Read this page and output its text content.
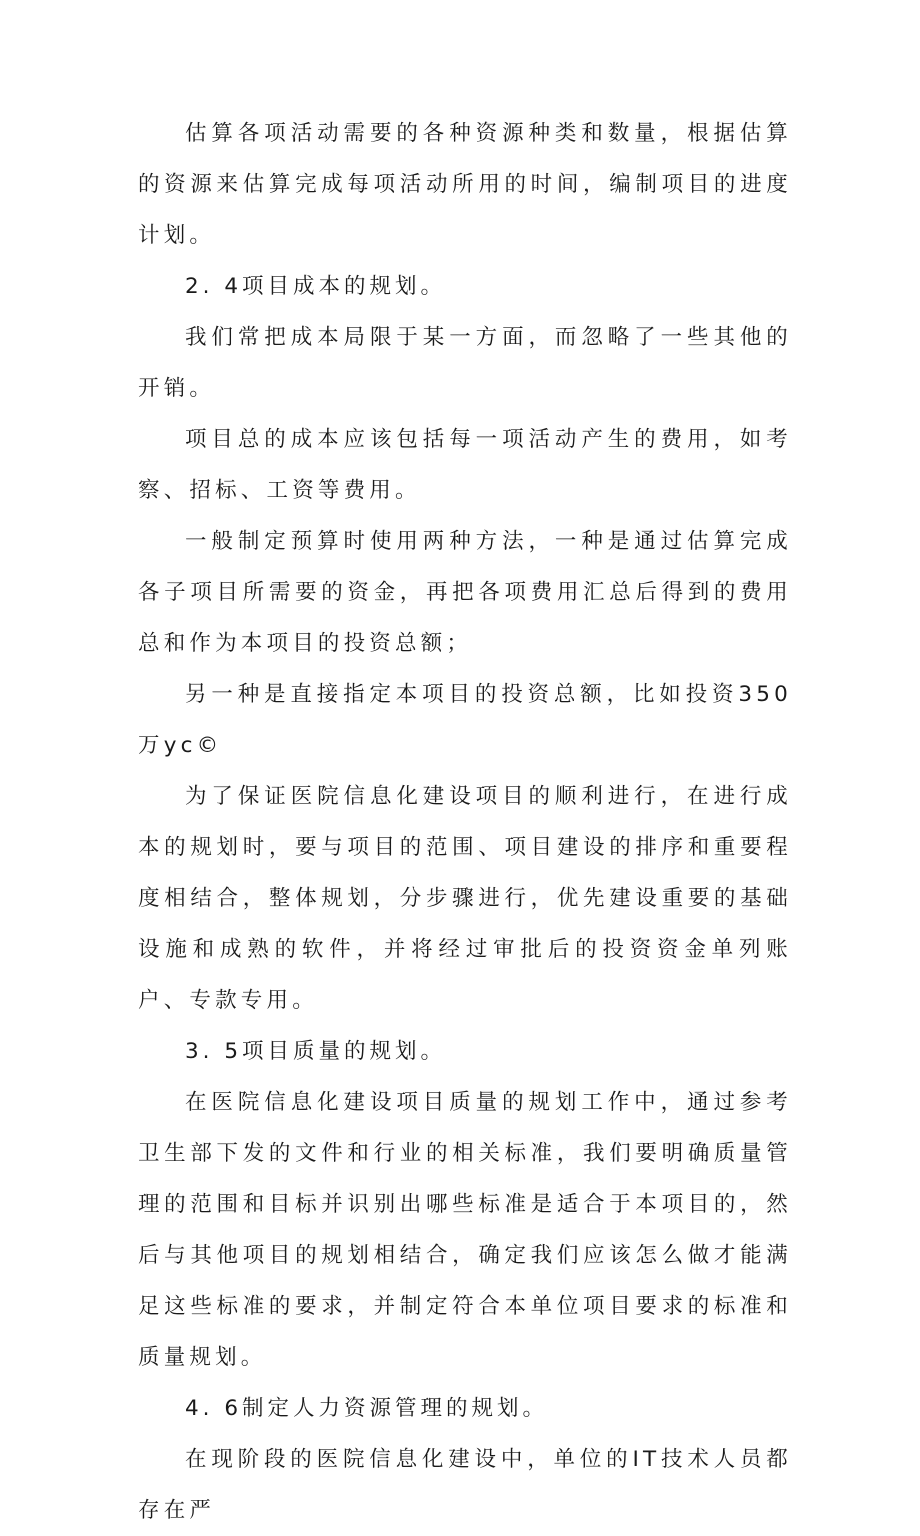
估算各项活动需要的各种资源种类和数量，根据估算的资源来估算完成每项活动所用的时间，编制项目的进度计划。

2. 4项目成本的规划。

我们常把成本局限于某一方面，而忽略了一些其他的开销。

项目总的成本应该包括每一项活动产生的费用，如考察、招标、工资等费用。

一般制定预算时使用两种方法，一种是通过估算完成各子项目所需要的资金，再把各项费用汇总后得到的费用总和作为本项目的投资总额；

另一种是直接指定本项目的投资总额，比如投资350万yc©

为了保证医院信息化建设项目的顺利进行，在进行成本的规划时，要与项目的范围、项目建设的排序和重要程度相结合，整体规划，分步骤进行，优先建设重要的基础设施和成熟的软件，并将经过审批后的投资资金单列账户、专款专用。

3. 5项目质量的规划。

在医院信息化建设项目质量的规划工作中，通过参考卫生部下发的文件和行业的相关标准，我们要明确质量管理的范围和目标并识别出哪些标准是适合于本项目的，然后与其他项目的规划相结合，确定我们应该怎么做才能满足这些标准的要求，并制定符合本单位项目要求的标准和质量规划。

4. 6制定人力资源管理的规划。

在现阶段的医院信息化建设中，单位的IT技术人员都存在严
